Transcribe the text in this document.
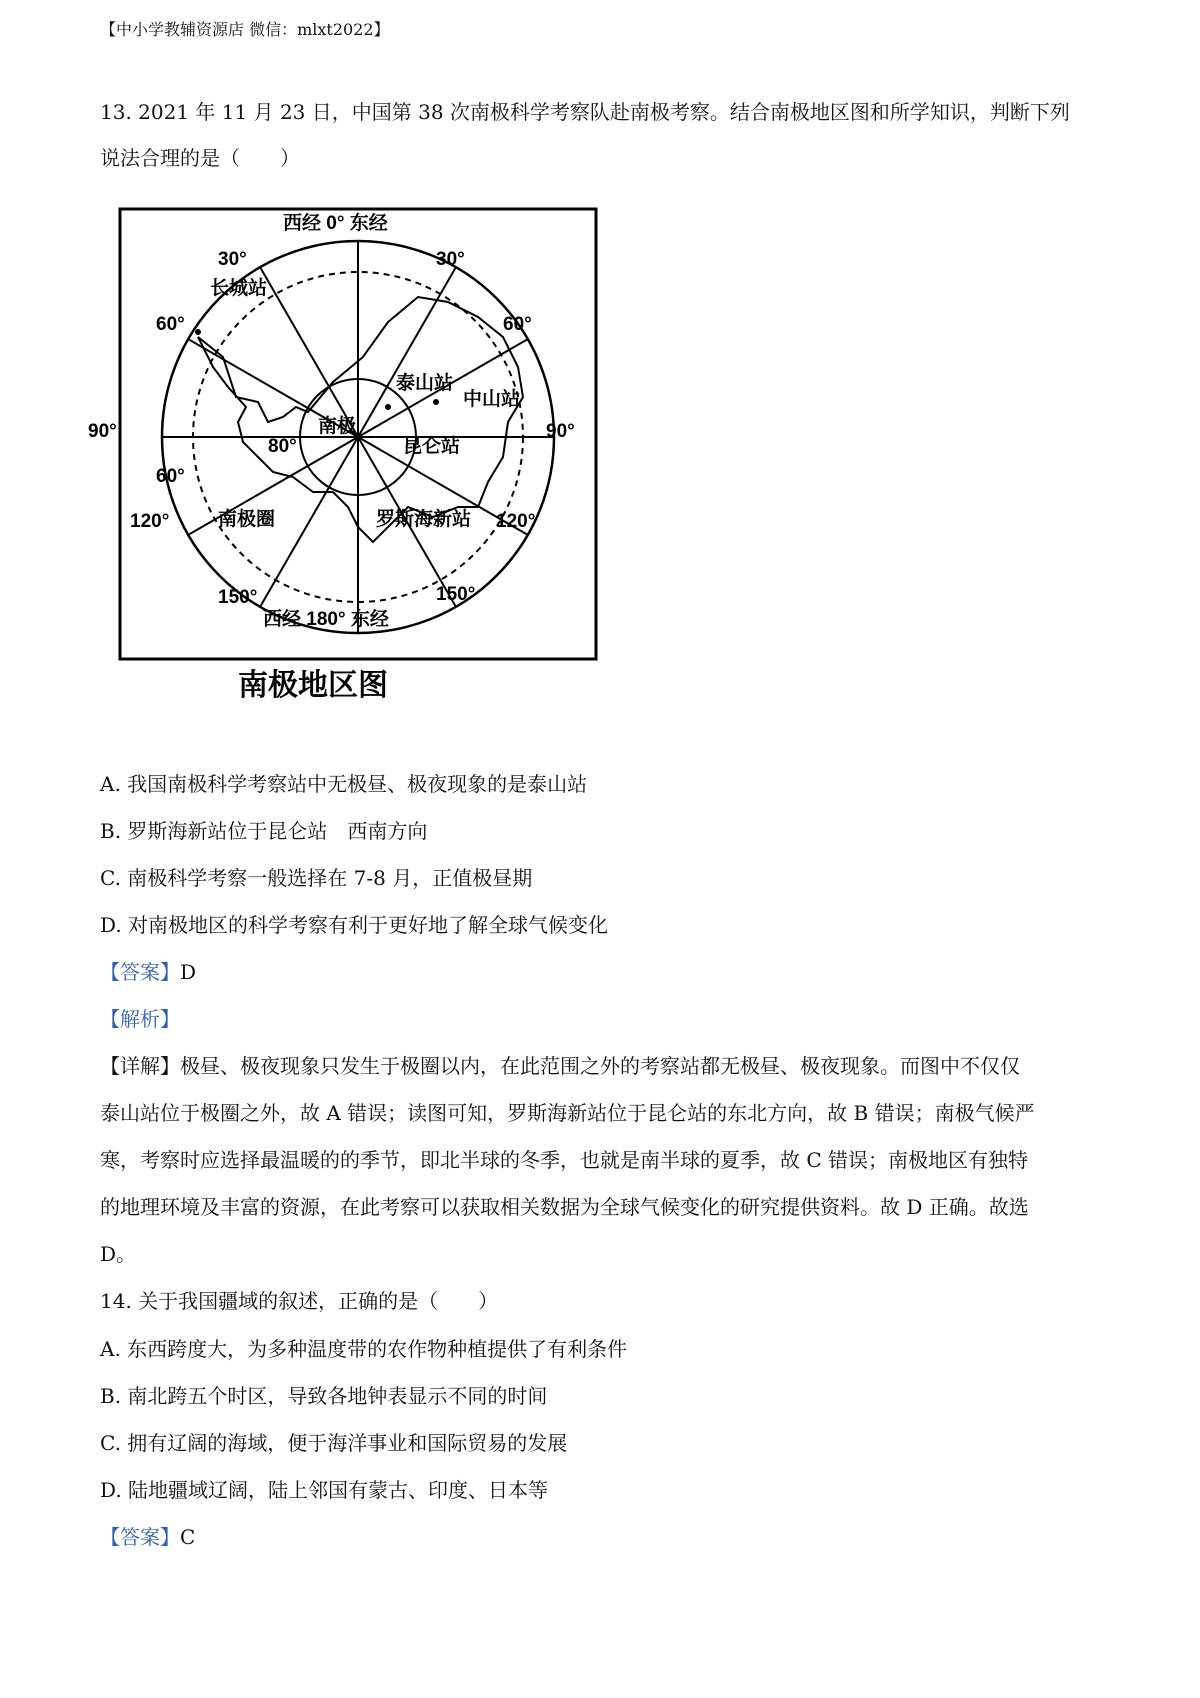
【中小学教辅资源店 微信：mlxt2022】
13. 2021 年 11 月 23 日，中国第 38 次南极科学考察队赴南极考察。结合南极地区图和所学知识，判断下列
说法合理的是（　　）
西经 0° 东经
30°	30°
长城站
60°	60°
泰山站
中山站
90°	90°
南极
80°	昆仑站
60°
120°	南极圈	罗斯海新站 120°
150°	150°
西经 180° 东经
南极地区图
A. 我国南极科学考察站中无极昼、极夜现象的是泰山站
B. 罗斯海新站位于昆仑站　西南方向
C. 南极科学考察一般选择在 7-8 月，正值极昼期
D. 对南极地区的科学考察有利于更好地了解全球气候变化
【答案】D
【解析】
【详解】极昼、极夜现象只发生于极圈以内，在此范围之外的考察站都无极昼、极夜现象。而图中不仅仅
泰山站位于极圈之外，故 A 错误；读图可知，罗斯海新站位于昆仑站的东北方向，故 B 错误；南极气候严
寒，考察时应选择最温暖的的季节，即北半球的冬季，也就是南半球的夏季，故 C 错误；南极地区有独特
的地理环境及丰富的资源，在此考察可以获取相关数据为全球气候变化的研究提供资料。故 D 正确。故选
D。
14. 关于我国疆域的叙述，正确的是（　　）
A. 东西跨度大，为多种温度带的农作物种植提供了有利条件
B. 南北跨五个时区，导致各地钟表显示不同的时间
C. 拥有辽阔的海域，便于海洋事业和国际贸易的发展
D. 陆地疆域辽阔，陆上邻国有蒙古、印度、日本等
【答案】C
